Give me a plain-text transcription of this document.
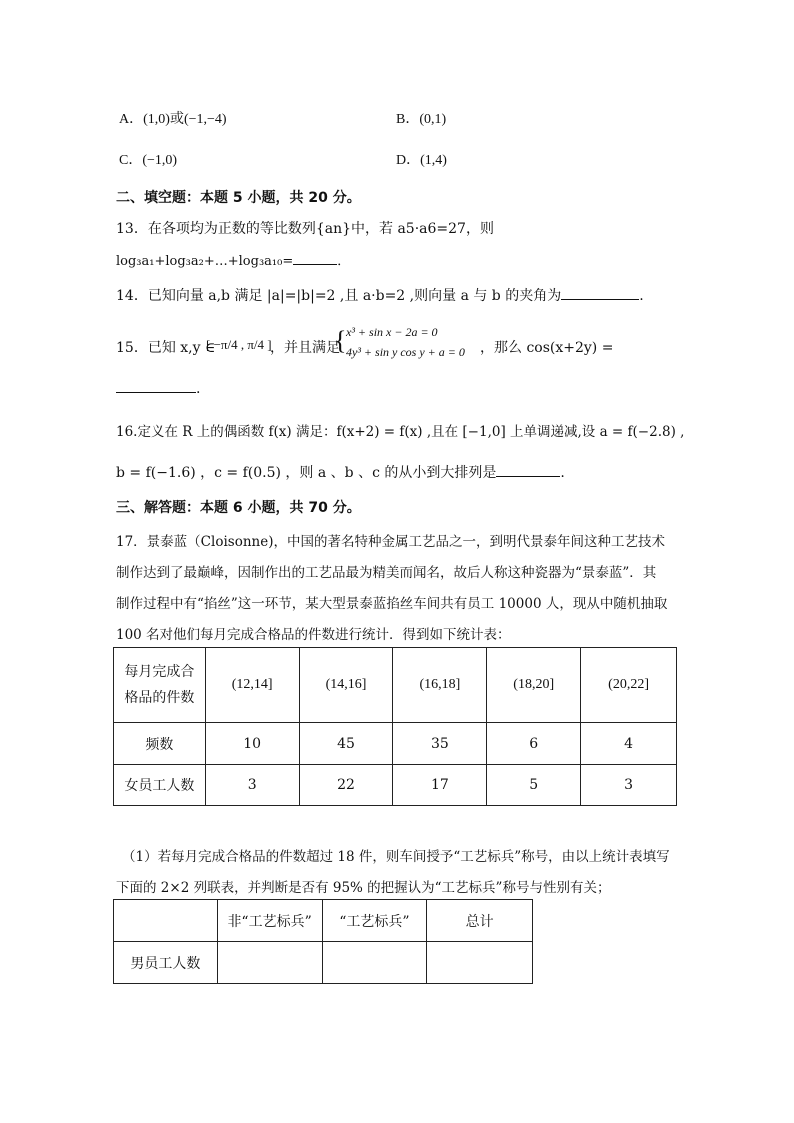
A．(1,0)或(−1,−4)	B．(0,1)
C．(−1,0)	D．(1,4)
二、填空题：本题 5 小题，共 20 分。
13．在各项均为正数的等比数列{an}中，若 a5·a6=27，则
log₃a₁+log₃a₂+…+log₃a₁₀=	．
14．已知向量 a,b 满足 |a|=|b|=2 ,且 a·b=2 ,则向量 a 与 b 的夹角为	.
15．已知 x,y ∈
[ −π/4 , π/4 ]
，并且满足
{ x³ + sin x − 2a = 0
4y³ + sin y cos y + a = 0 ，那么 cos(x+2y) =
.
16.定义在 R 上的偶函数 f(x) 满足：f(x+2) = f(x) ,且在 [−1,0] 上单调递减,设 a = f(−2.8) ,
b = f(−1.6) ，c = f(0.5) ，则 a 、b 、c 的从小到大排列是	.
三、解答题：本题 6 小题，共 70 分。
17．景泰蓝（Cloisonne)，中国的著名特种金属工艺品之一，到明代景泰年间这种工艺技术
制作达到了最巅峰，因制作出的工艺品最为精美而闻名，故后人称这种瓷器为“景泰蓝”．其
制作过程中有“掐丝”这一环节，某大型景泰蓝掐丝车间共有员工 10000 人，现从中随机抽取
100 名对他们每月完成合格品的件数进行统计．得到如下统计表：
每月完成合
格品的件数	(12,14]	(14,16]	(16,18]	(18,20]	(20,22]
频数	10	45	35	6	4
女员工人数	3	22	17	5	3
（1）若每月完成合格品的件数超过 18 件，则车间授予“工艺标兵”称号，由以上统计表填写
下面的 2×2 列联表，并判断是否有 95% 的把握认为“工艺标兵”称号与性别有关；
	非“工艺标兵”	“工艺标兵”	总计
男员工人数			
